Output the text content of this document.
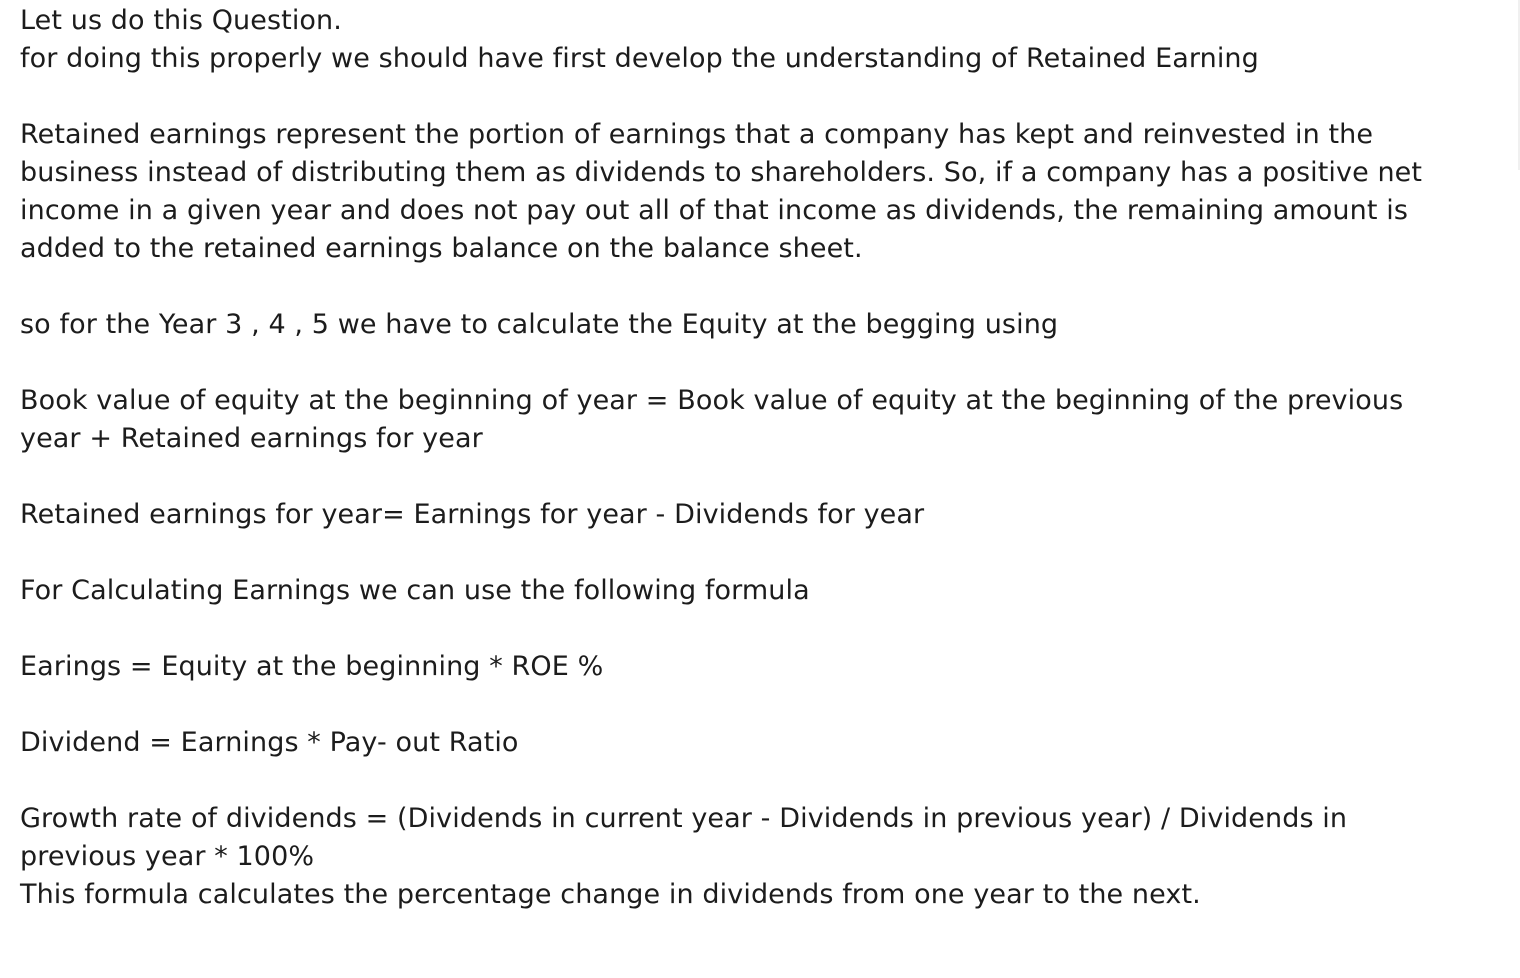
Let us do this Question.

for doing this properly we should have first develop the understanding of Retained Earning

Retained earnings represent the portion of earnings that a company has kept and reinvested in the

business instead of distributing them as dividends to shareholders. So, if a company has a positive net

income in a given year and does not pay out all of that income as dividends, the remaining amount is

added to the retained earnings balance on the balance sheet.

so for the Year 3 , 4 , 5 we have to calculate the Equity at the begging using

Book value of equity at the beginning of year = Book value of equity at the beginning of the previous

year + Retained earnings for year

Retained earnings for year= Earnings for year - Dividends for year

For Calculating Earnings we can use the following formula

Earings = Equity at the beginning * ROE %

Dividend = Earnings * Pay- out Ratio

Growth rate of dividends = (Dividends in current year - Dividends in previous year) / Dividends in

previous year * 100%

This formula calculates the percentage change in dividends from one year to the next.
